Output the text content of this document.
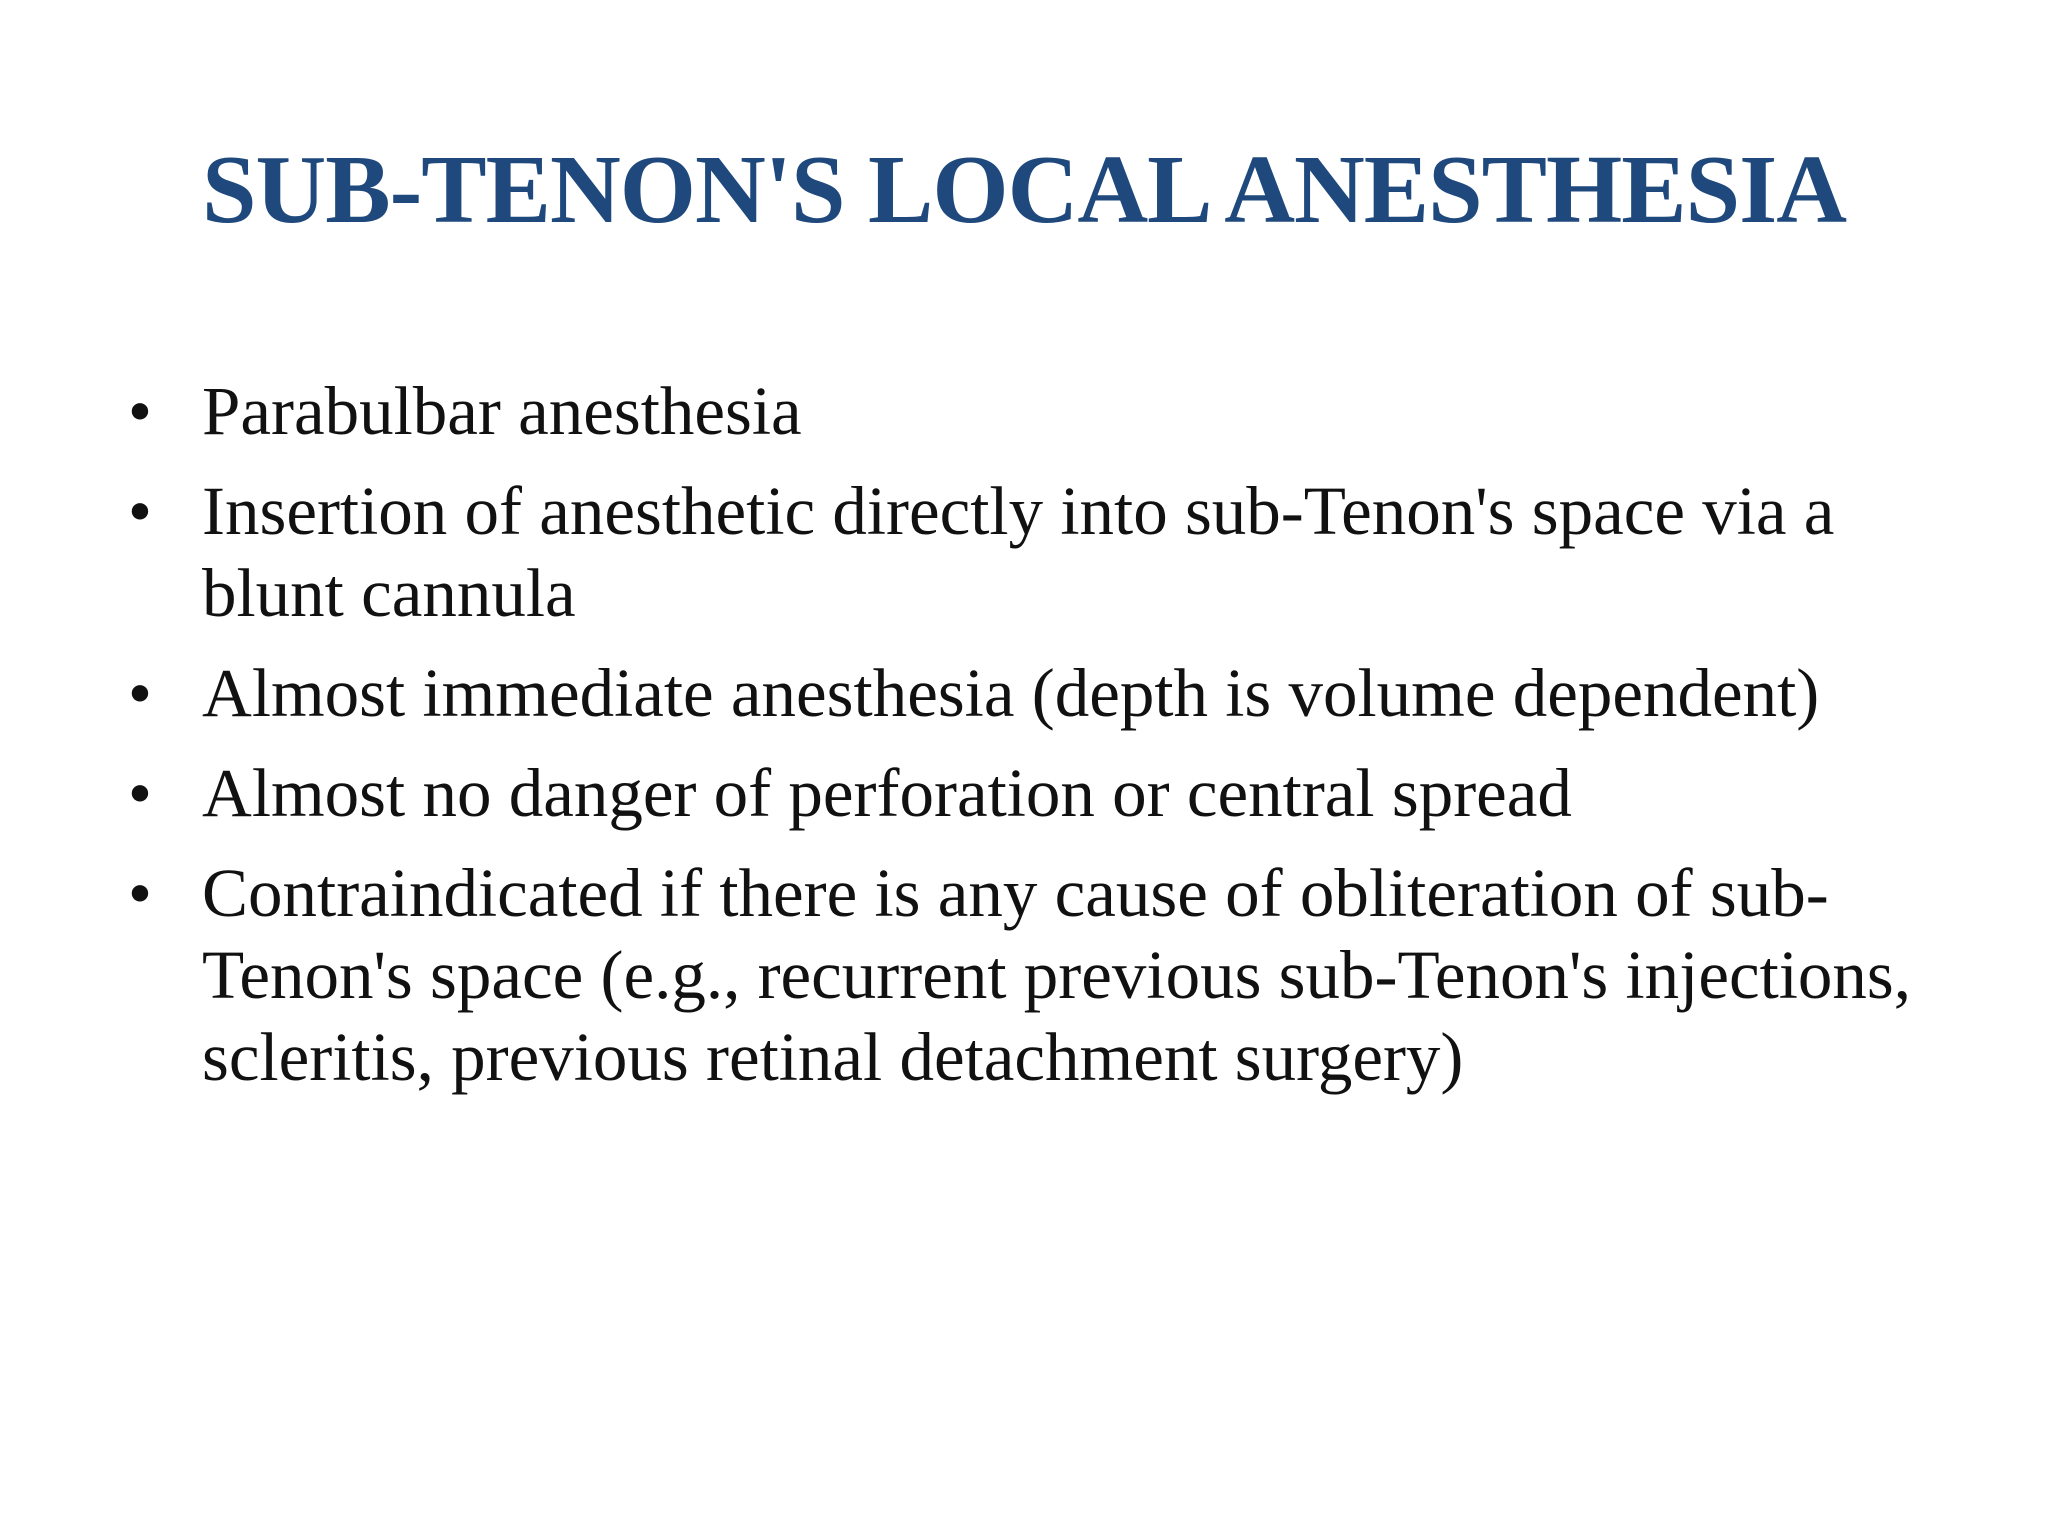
SUB-TENON'S LOCAL ANESTHESIA
• Parabulbar anesthesia
• Insertion of anesthetic directly into sub-Tenon's space via a blunt cannula
• Almost immediate anesthesia (depth is volume dependent)
• Almost no danger of perforation or central spread
• Contraindicated if there is any cause of obliteration of sub-Tenon's space (e.g., recurrent previous sub-Tenon's injections, scleritis, previous retinal detachment surgery)
